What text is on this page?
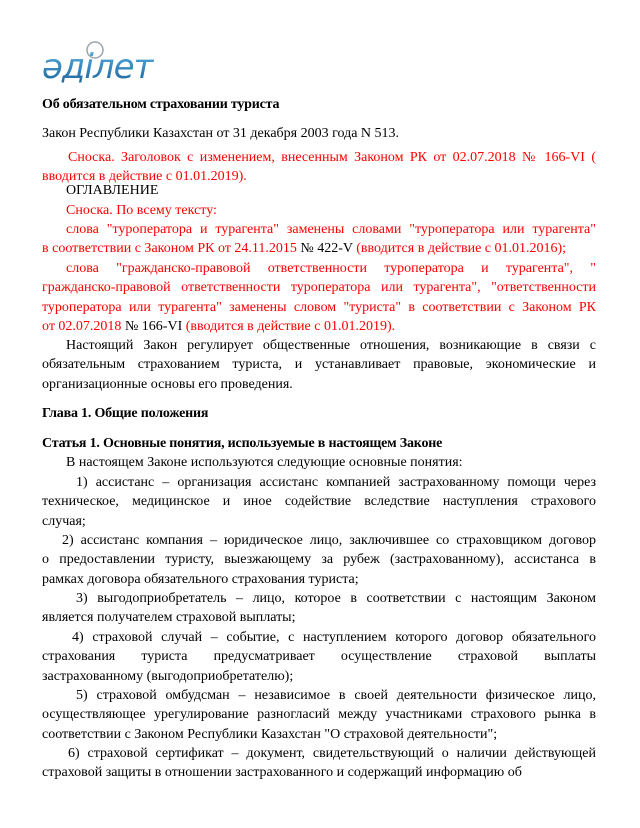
әділет
Об обязательном страховании туриста
Закон Республики Казахстан от 31 декабря 2003 года N 513.
Сноска. Заголовок с изменением, внесенным Законом РК от 02.07.2018 № 166-VI (
вводится в действие с 01.01.2019).
ОГЛАВЛЕНИЕ
Сноска. По всему тексту:
слова "туроператора и турагента" заменены словами "туроператора или турагента"
в соответствии с Законом РК от 24.11.2015 № 422-V (вводится в действие с 01.01.2016);
слова "гражданско-правовой ответственности туроператора и турагента", "
гражданско-правовой ответственности туроператора или турагента", "ответственности
туроператора или турагента" заменены словом "туриста" в соответствии с Законом РК
от 02.07.2018 № 166-VI (вводится в действие с 01.01.2019).
Настоящий Закон регулирует общественные отношения, возникающие в связи с
обязательным страхованием туриста, и устанавливает правовые, экономические и
организационные основы его проведения.
Глава 1. Общие положения
Статья 1. Основные понятия, используемые в настоящем Законе
В настоящем Законе используются следующие основные понятия:
1) ассистанс – организация ассистанс компанией застрахованному помощи через
техническое, медицинское и иное содействие вследствие наступления страхового
случая;
2) ассистанс компания – юридическое лицо, заключившее со страховщиком договор
о предоставлении туристу, выезжающему за рубеж (застрахованному), ассистанса в
рамках договора обязательного страхования туриста;
3) выгодоприобретатель – лицо, которое в соответствии с настоящим Законом
является получателем страховой выплаты;
4) страховой случай – событие, с наступлением которого договор обязательного
страхования туриста предусматривает осуществление страховой выплаты
застрахованному (выгодоприобретателю);
5) страховой омбудсман – независимое в своей деятельности физическое лицо,
осуществляющее урегулирование разногласий между участниками страхового рынка в
соответствии с Законом Республики Казахстан "О страховой деятельности";
6) страховой сертификат – документ, свидетельствующий о наличии действующей
страховой защиты в отношении застрахованного и содержащий информацию об
